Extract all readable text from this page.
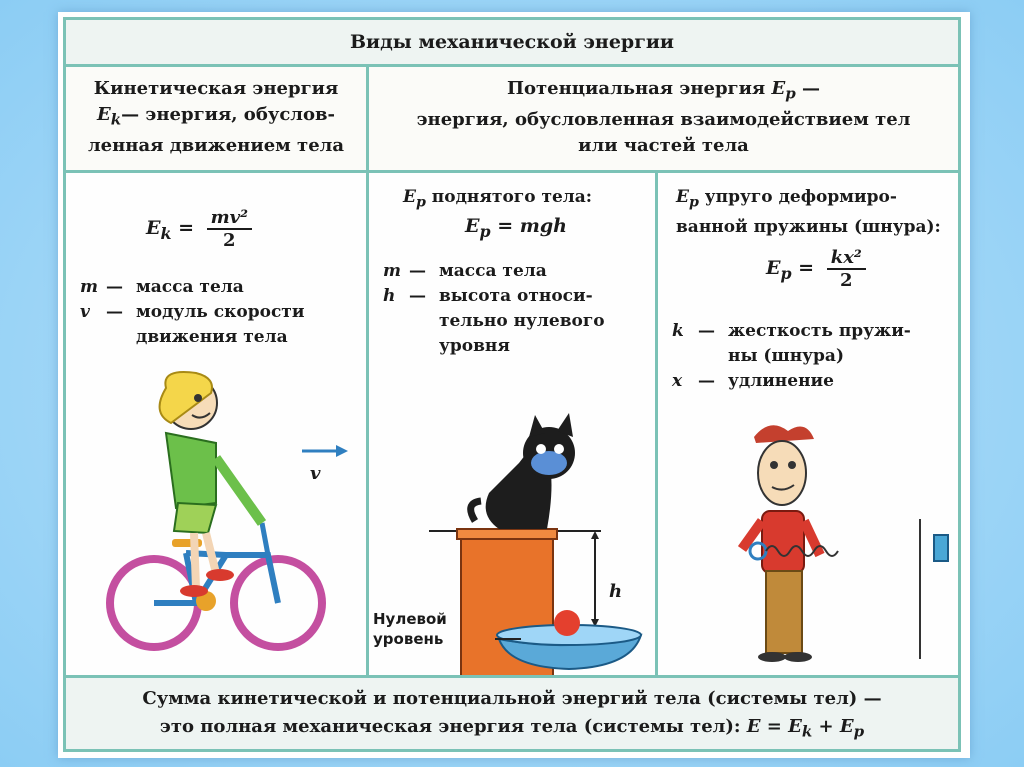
Виды механической энергии
Кинетическая энергия
$E_k—$ энергия, обуслов-
ленная движением тела
Потенциальная энергия $E_p$ —
энергия, обусловленная взаимодействием тел
или частей тела
$E_k = \frac{\text{mv²}}{2}$
m — масса тела
v — модуль скорости
движения тела
v
$E_p$ поднятого тела:
$E_p$ = mgh
m — масса тела
h — высота относи-
тельно нулевого
уровня
h
Нулевой
уровень
$E_p$ упруго деформиро-
ванной пружины (шнура):
$E_p = \frac{\text{kx²}}{2}$
k — жесткость пружи-
ны (шнура)
x — удлинение
Сумма кинетической и потенциальной энергий тела (системы тел) —
это полная механическая энергия тела (системы тел): $E = E_k + E_p$
